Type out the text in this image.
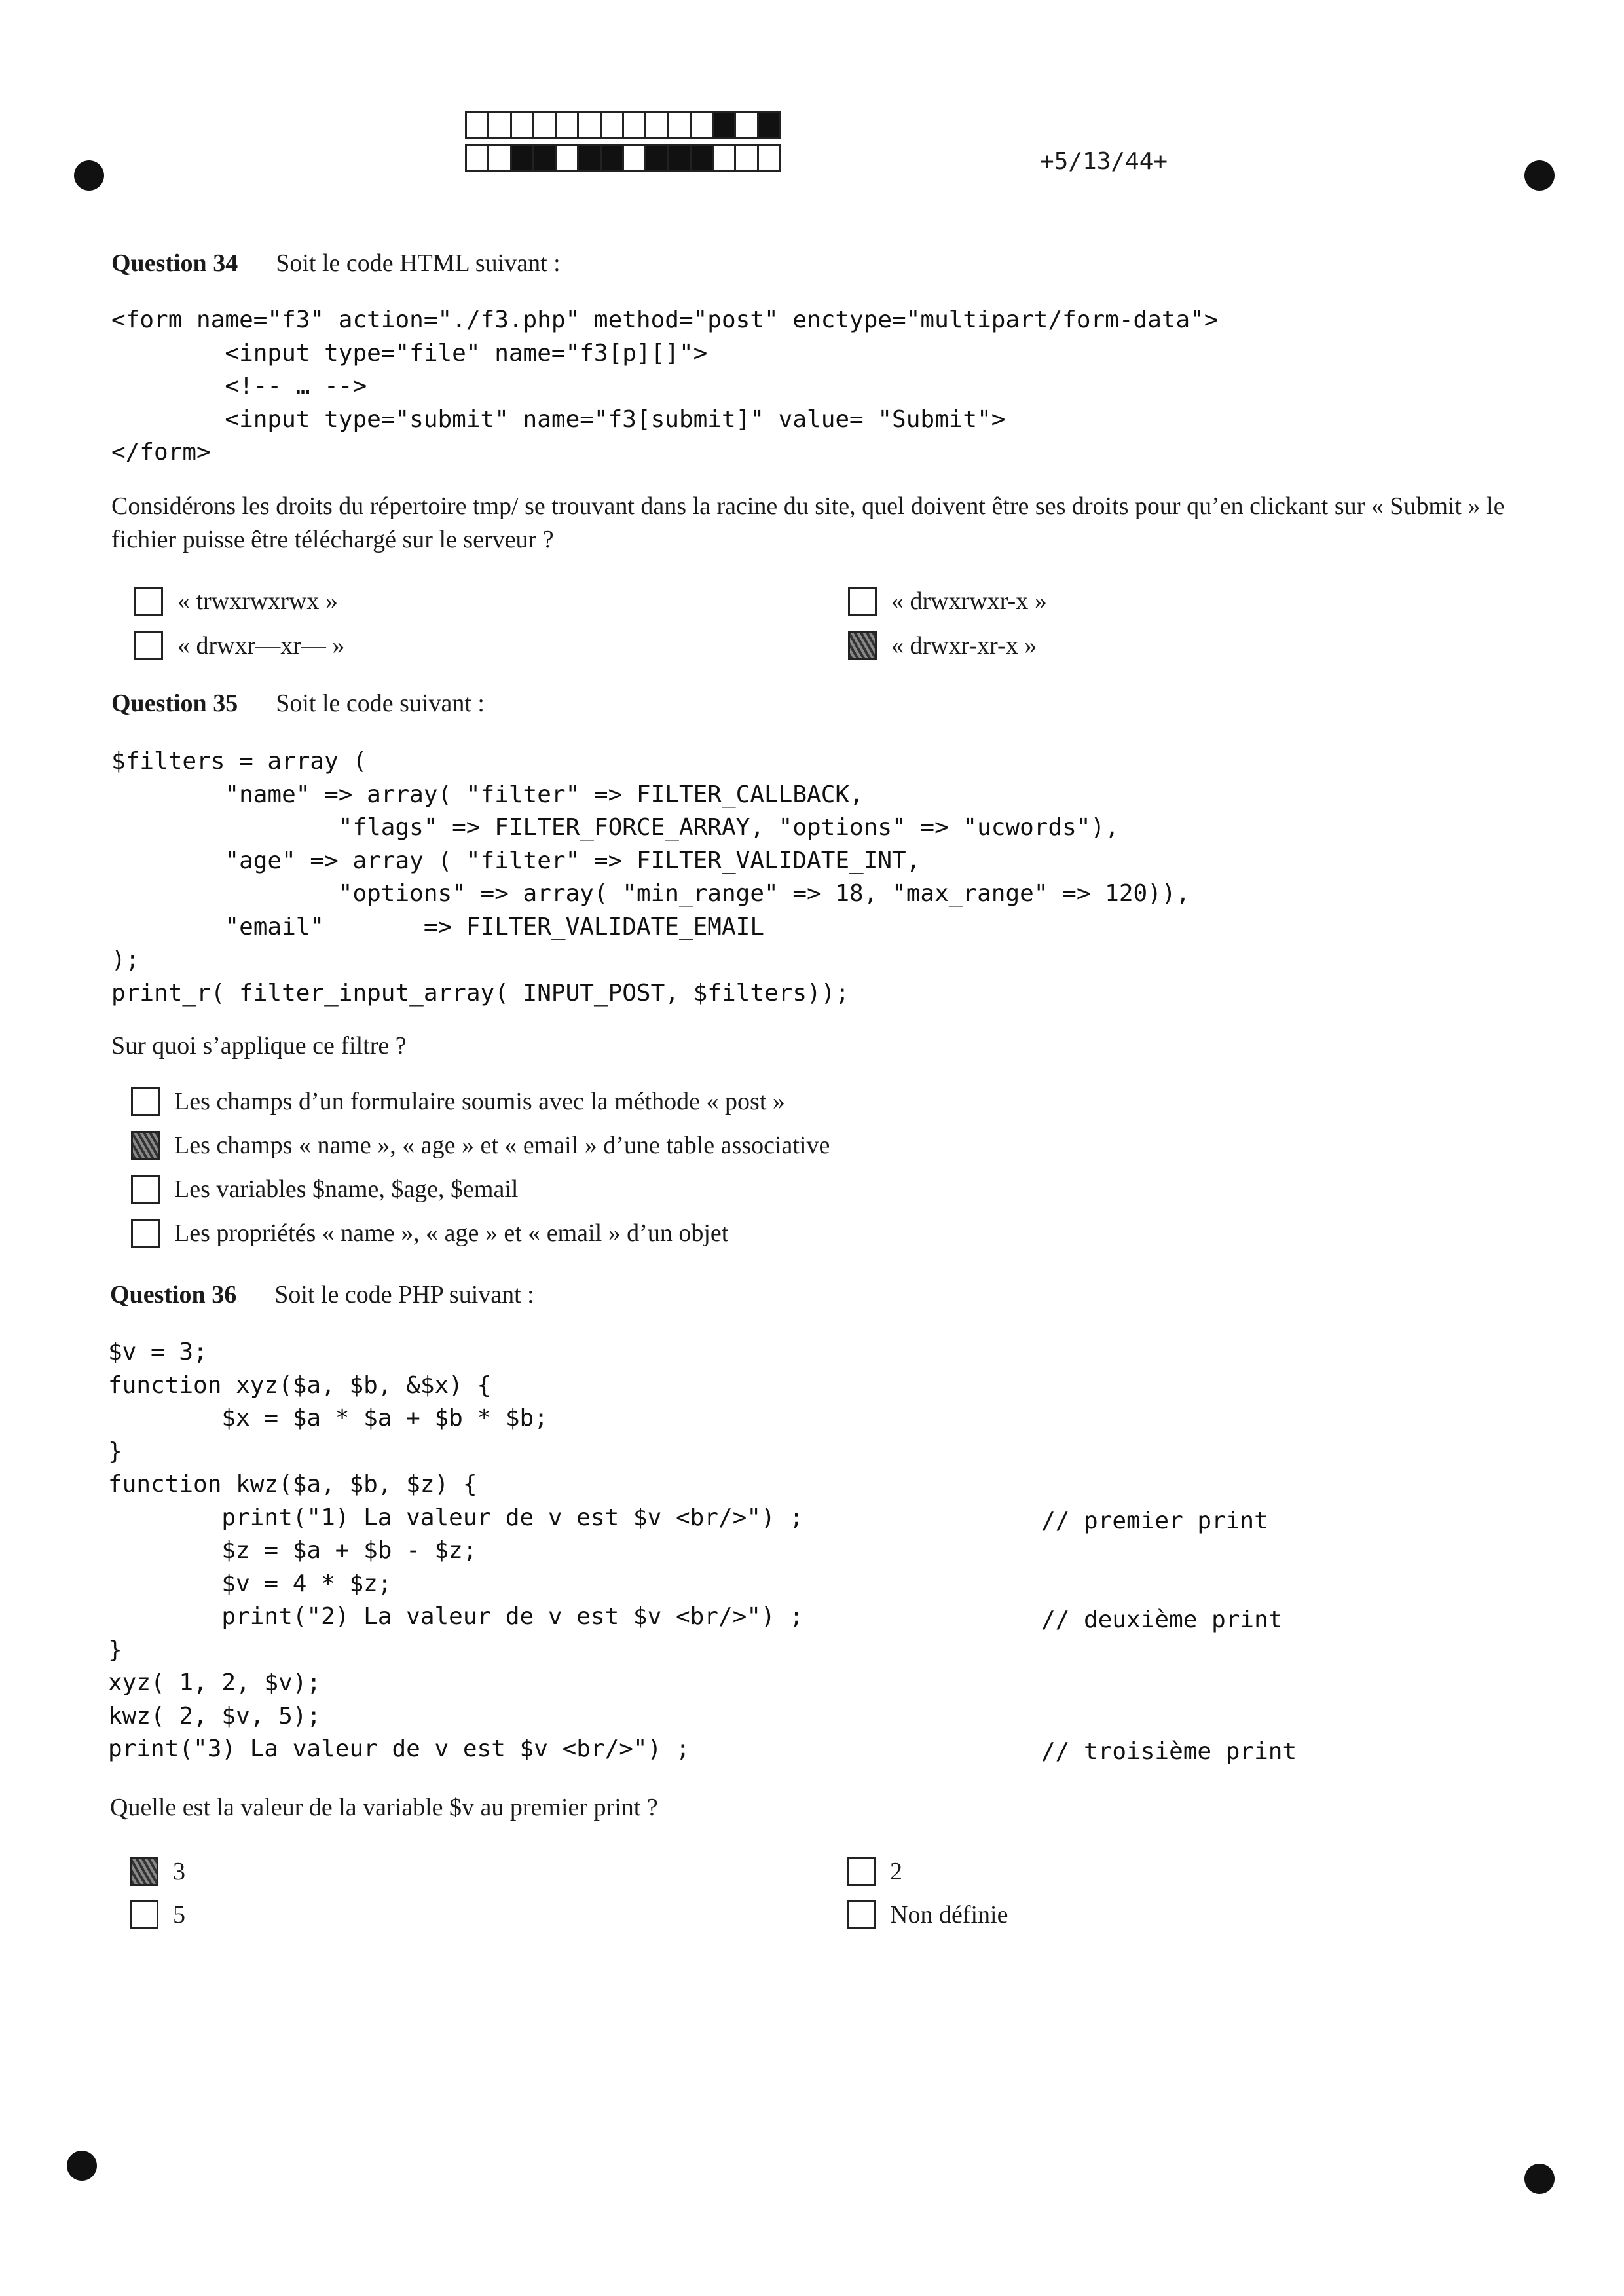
+5/13/44+
Question 34 Soit le code HTML suivant :
<form name="f3" action="./f3.php" method="post" enctype="multipart/form-data">
<input type="file" name="f3[p][]">
<!-- … -->
<input type="submit" name="f3[submit]" value= "Submit">
</form>
Considérons les droits du répertoire tmp/ se trouvant dans la racine du site, quel doivent être ses droits pour qu’en clickant sur « Submit » le fichier puisse être téléchargé sur le serveur ?
« trwxrwxrwx »	« drwxrwxr-x »
« drwxr—xr— »	« drwxr-xr-x »
Question 35 Soit le code suivant :
$filters = array (
"name" => array( "filter" => FILTER_CALLBACK,
"flags" => FILTER_FORCE_ARRAY, "options" => "ucwords"),
"age" => array ( "filter" => FILTER_VALIDATE_INT,
"options" => array( "min_range" => 18, "max_range" => 120)),
"email"       => FILTER_VALIDATE_EMAIL
);
print_r( filter_input_array( INPUT_POST, $filters));
Sur quoi s’applique ce filtre ?
Les champs d’un formulaire soumis avec la méthode « post »
Les champs « name », « age » et « email » d’une table associative
Les variables $name, $age, $email
Les propriétés « name », « age » et « email » d’un objet
Question 36 Soit le code PHP suivant :
$v = 3;
function xyz($a, $b, &$x) {
$x = $a * $a + $b * $b;
}
function kwz($a, $b, $z) {
print("1) La valeur de v est $v <br/>") ;
$z = $a + $b - $z;
$v = 4 * $z;
print("2) La valeur de v est $v <br/>") ;
}
xyz( 1, 2, $v);
kwz( 2, $v, 5);
print("3) La valeur de v est $v <br/>") ;
// premier print
// deuxième print
// troisième print
Quelle est la valeur de la variable $v au premier print ?
3	2
5	Non définie
